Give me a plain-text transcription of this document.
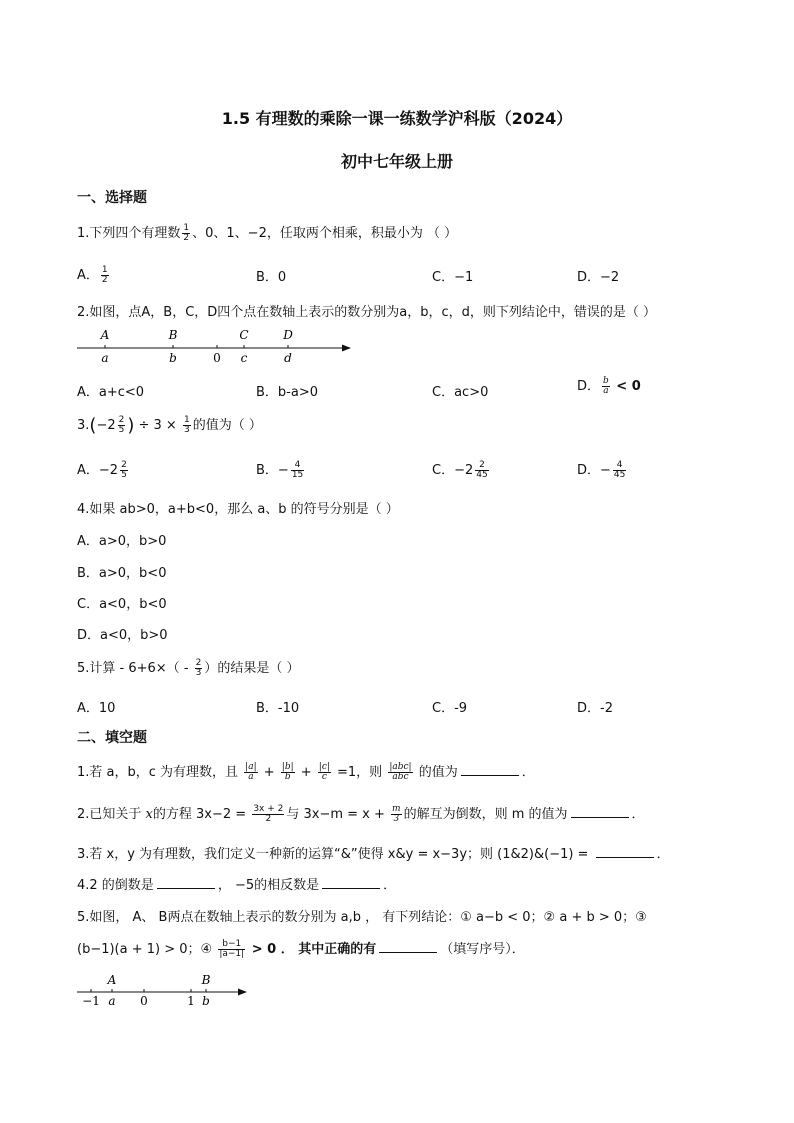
1.5 有理数的乘除一课一练数学沪科版（2024）
初中七年级上册
一、选择题
1.下列四个有理数 $\frac{1}{2}$ 、0、1、−2，任取两个相乘，积最小为 （ ）
A． $\frac{1}{2}$	B．0	C．−1	D．−2
2.如图，点A，B，C，D四个点在数轴上表示的数分别为a，b，c，d，则下列结论中，错误的是（ ）
A
a
B
b	0
C
c
D
d
A．a+c<0	B．b-a>0	C．ac>0	D． $\frac{b}{a} < 0$
$3.(-2 \frac{2}{5}$ ) ÷ $3 \times \frac{1}{3}$ 的值为（ ）
A．$-2 \frac{2}{5}$	B．− $\frac{4}{15}$	C．$-2 \frac{2}{45}$	D．− $\frac{4}{45}$
4.如果 ab>0，a+b<0，那么 a、b 的符号分别是（ ）
A．a>0，b>0
B．a>0，b<0
C．a<0，b<0
D．a<0，b>0
5.计算 - $6+6\times( - \frac{2}{3}$ ）的结果是（ ）
A．10	B．-10	C．-9	D．-2
二、填空题
1.若 a，b，c 为有理数，且 $\frac{|a|}{a} + \frac{|b|}{b} + \frac{|c|}{c} =1$，则 $\frac{\text{|abc|}}{\text{abc}}$ 的值为	．
2.已知关于 x的方程 $3x-2 = \frac{3x + 2}{2}$ 与 $3x-m = x + \frac{m}{3}$ 的解互为倒数，则 m 的值为	．
3.若 x，y 为有理数，我们定义一种新的运算“&”使得 x&y = x−3y；则 (1&2)&(−1) =	．
4.2 的倒数是	， −5的相反数是	．
5.如图， A、 B两点在数轴上表示的数分别为 a,b ， 有下列结论：① a−b < 0；② a + b > 0；③
(b−1)(a + 1) > 0；④ $\frac{b-1}{|a-1|} > 0$ ． 其中正确的有	（填写序号）．
A	B
−1 a 0	1 b
